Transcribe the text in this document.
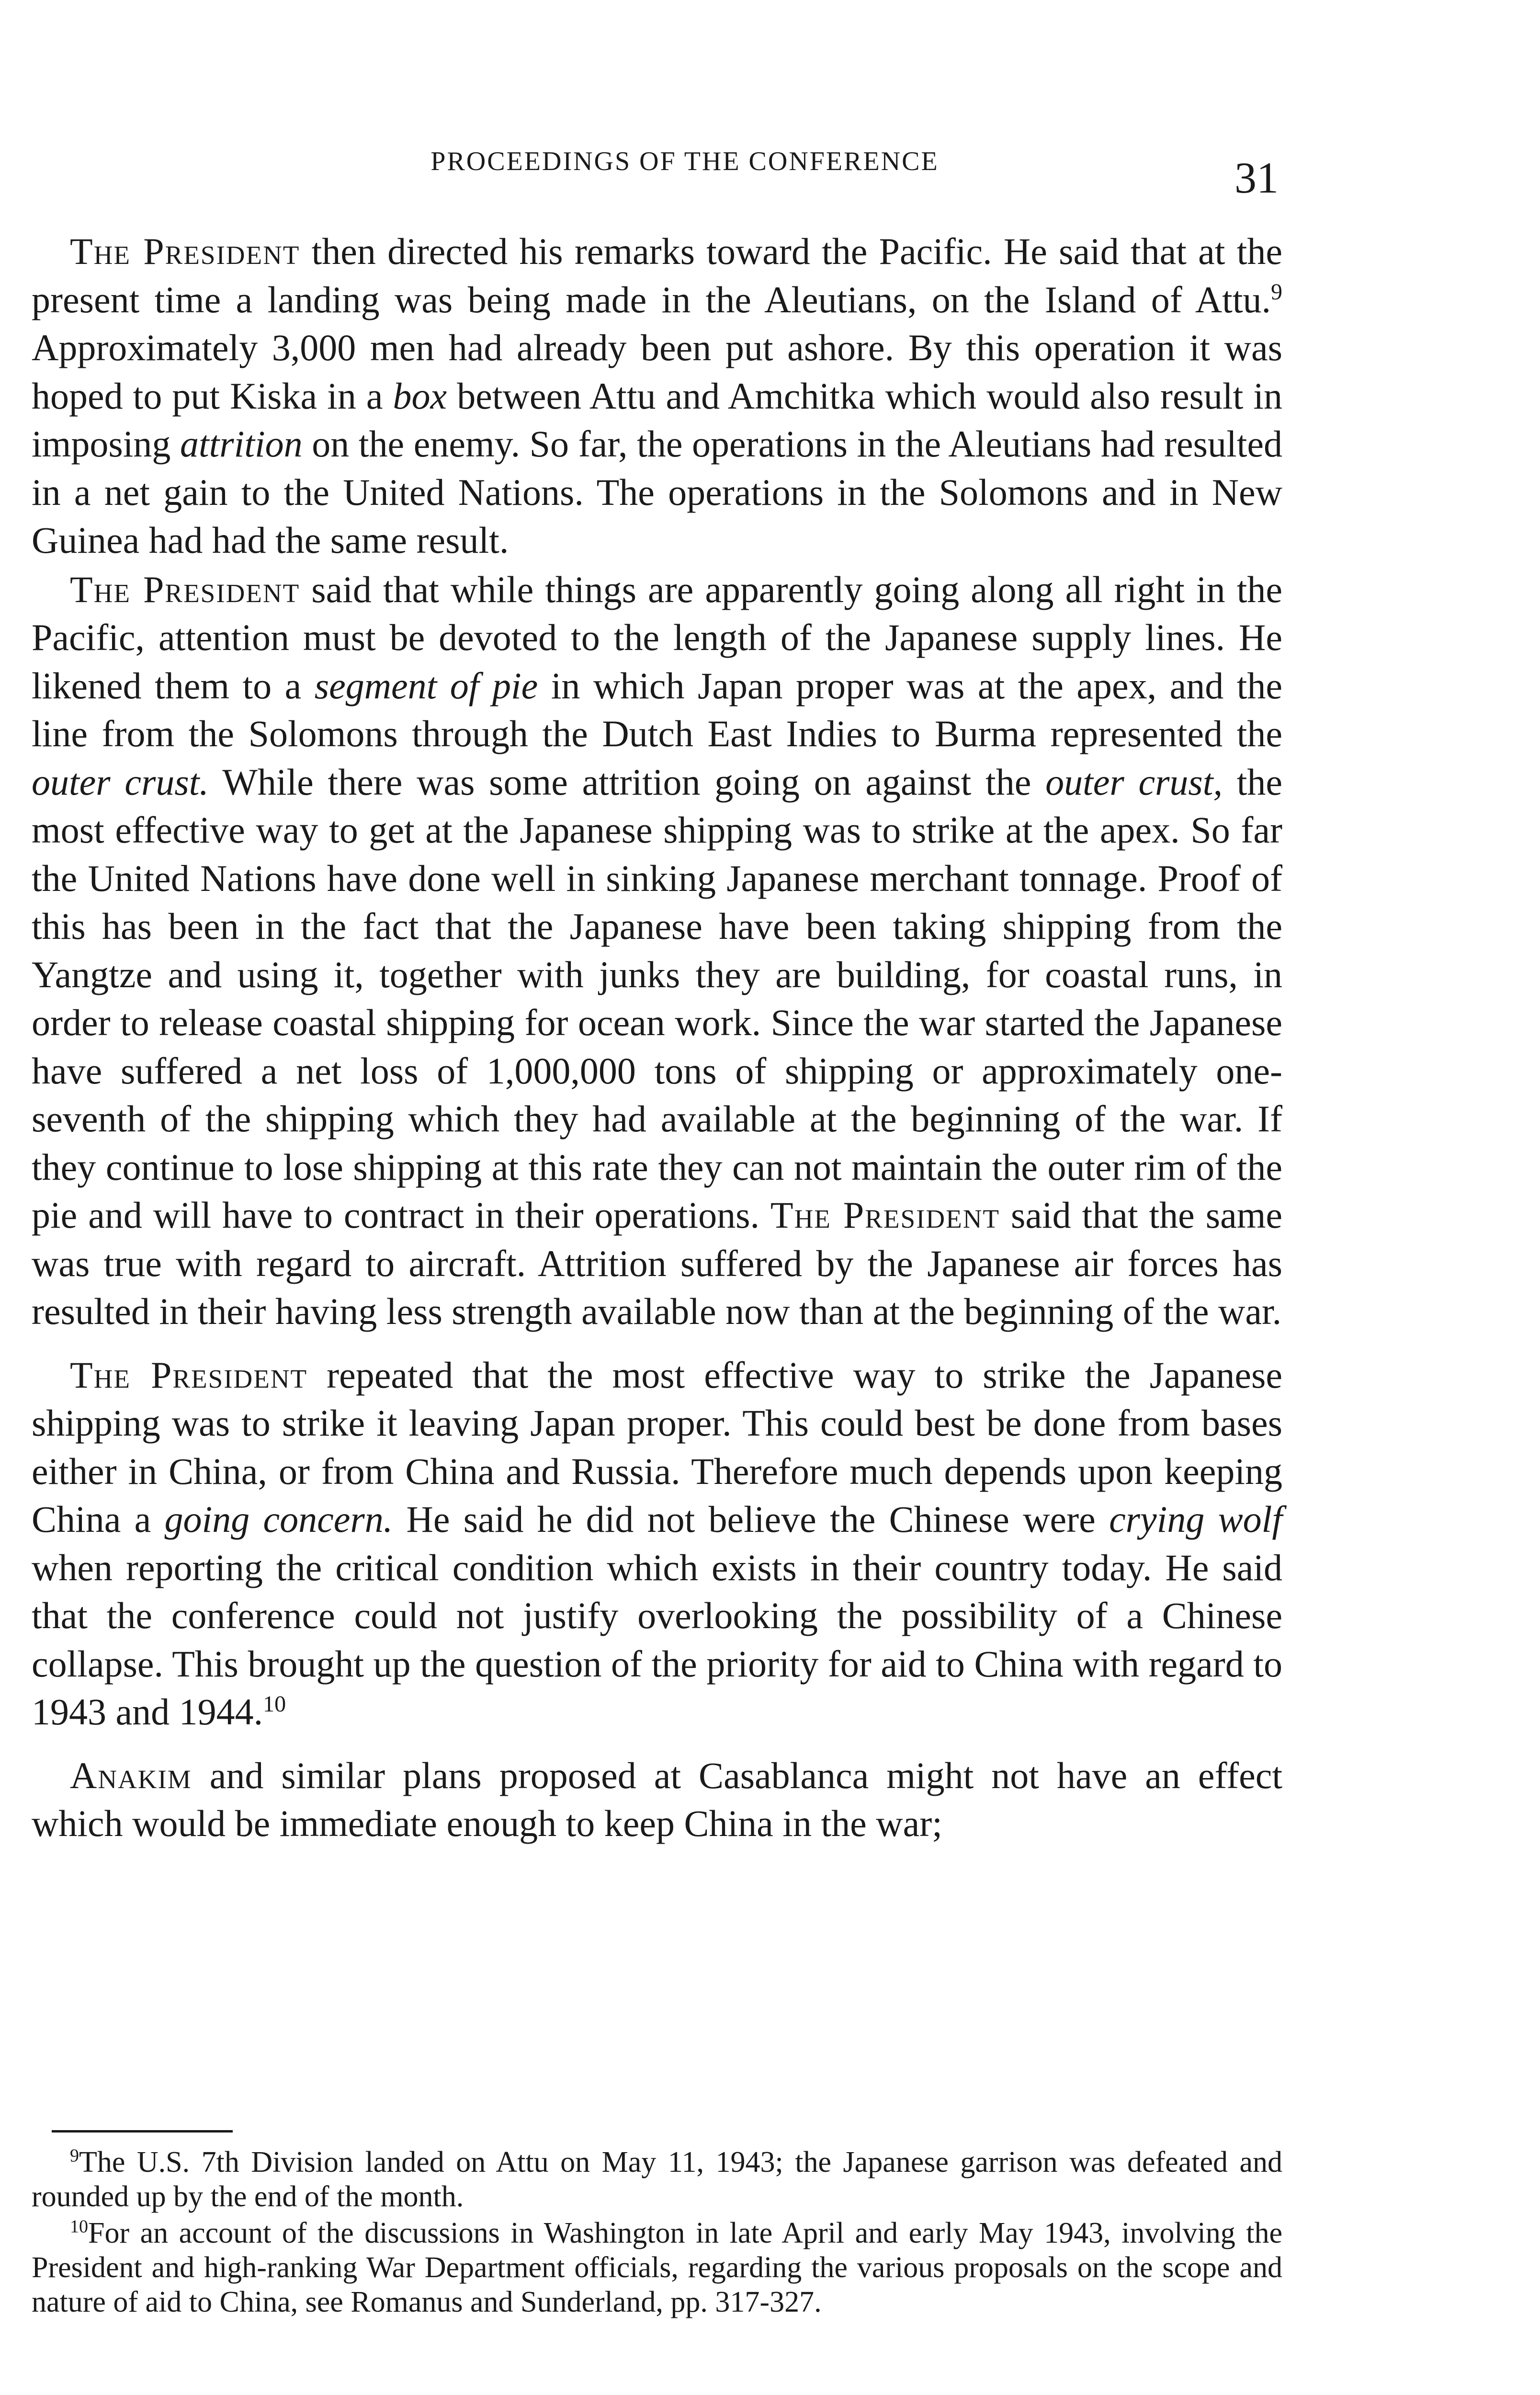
PROCEEDINGS OF THE CONFERENCE	31

The President then directed his remarks toward the Pacific. He said that at the present time a landing was being made in the Aleutians, on the Island of Attu.$^9$ Approximately 3,000 men had already been put ashore. By this operation it was hoped to put Kiska in a box between Attu and Amchitka which would also result in imposing attrition on the enemy. So far, the operations in the Aleutians had resulted in a net gain to the United Nations. The operations in the Solomons and in New Guinea had had the same result.

The President said that while things are apparently going along all right in the Pacific, attention must be devoted to the length of the Japanese supply lines. He likened them to a segment of pie in which Japan proper was at the apex, and the line from the Solomons through the Dutch East Indies to Burma represented the outer crust. While there was some attrition going on against the outer crust, the most effective way to get at the Japanese shipping was to strike at the apex. So far the United Nations have done well in sinking Japanese merchant tonnage. Proof of this has been in the fact that the Japanese have been taking shipping from the Yangtze and using it, together with junks they are building, for coastal runs, in order to release coastal shipping for ocean work. Since the war started the Japanese have suffered a net loss of 1,000,000 tons of shipping or approximately one-seventh of the shipping which they had available at the beginning of the war. If they continue to lose shipping at this rate they can not maintain the outer rim of the pie and will have to contract in their operations. The President said that the same was true with regard to aircraft. Attrition suffered by the Japanese air forces has resulted in their having less strength available now than at the beginning of the war.

The President repeated that the most effective way to strike the Japanese shipping was to strike it leaving Japan proper. This could best be done from bases either in China, or from China and Russia. Therefore much depends upon keeping China a going concern. He said he did not believe the Chinese were crying wolf when reporting the critical condition which exists in their country today. He said that the conference could not justify overlooking the possibility of a Chinese collapse. This brought up the question of the priority for aid to China with regard to 1943 and 1944.10

Anakim and similar plans proposed at Casablanca might not have an effect which would be immediate enough to keep China in the war;

$^9$The U.S. 7th Division landed on Attu on May 11, 1943; the Japanese garrison was defeated and rounded up by the end of the month.

$^{10}$For an account of the discussions in Washington in late April and early May 1943, involving the President and high-ranking War Department officials, regarding the various proposals on the scope and nature of aid to China, see Romanus and Sunderland, pp. 317-327.
